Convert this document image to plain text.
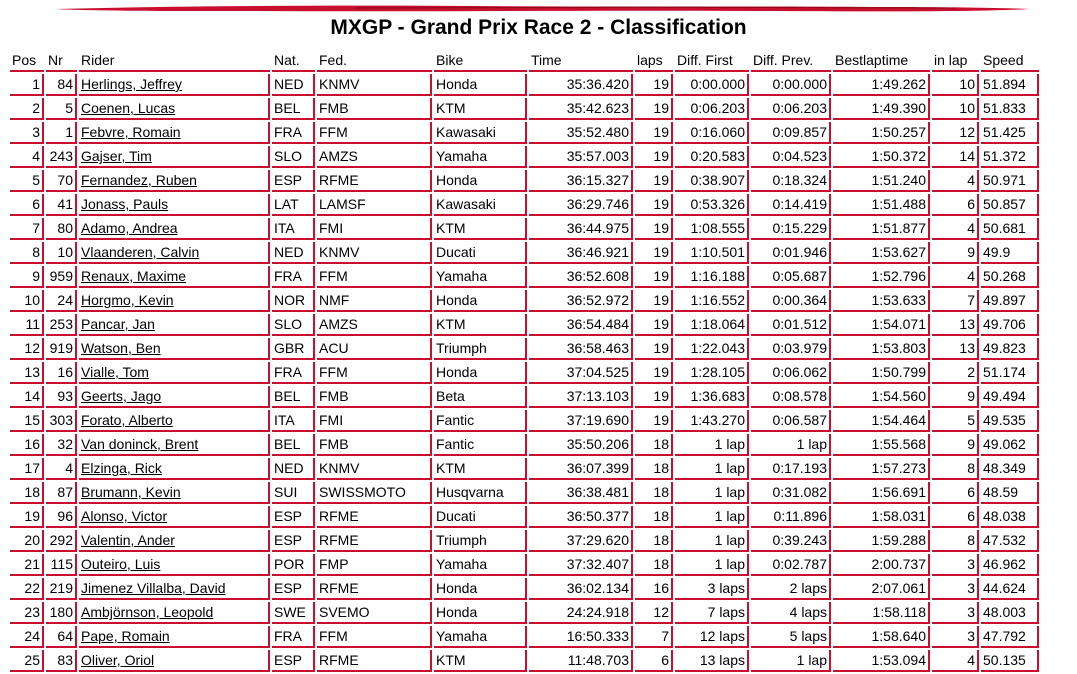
MXGP - Grand Prix Race 2 - Classification
Pos	Nr	Rider	Nat.	Fed.	Bike	Time	laps	Diff. First	Diff. Prev.	Bestlaptime	in lap	Speed
1	84	Herlings, Jeffrey	NED	KNMV	Honda	35:36.420	19	0:00.000	0:00.000	1:49.262	10	51.894
2	5	Coenen, Lucas	BEL	FMB	KTM	35:42.623	19	0:06.203	0:06.203	1:49.390	10	51.833
3	1	Febvre, Romain	FRA	FFM	Kawasaki	35:52.480	19	0:16.060	0:09.857	1:50.257	12	51.425
4	243	Gajser, Tim	SLO	AMZS	Yamaha	35:57.003	19	0:20.583	0:04.523	1:50.372	14	51.372
5	70	Fernandez, Ruben	ESP	RFME	Honda	36:15.327	19	0:38.907	0:18.324	1:51.240	4	50.971
6	41	Jonass, Pauls	LAT	LAMSF	Kawasaki	36:29.746	19	0:53.326	0:14.419	1:51.488	6	50.857
7	80	Adamo, Andrea	ITA	FMI	KTM	36:44.975	19	1:08.555	0:15.229	1:51.877	4	50.681
8	10	Vlaanderen, Calvin	NED	KNMV	Ducati	36:46.921	19	1:10.501	0:01.946	1:53.627	9	49.9
9	959	Renaux, Maxime	FRA	FFM	Yamaha	36:52.608	19	1:16.188	0:05.687	1:52.796	4	50.268
10	24	Horgmo, Kevin	NOR	NMF	Honda	36:52.972	19	1:16.552	0:00.364	1:53.633	7	49.897
11	253	Pancar, Jan	SLO	AMZS	KTM	36:54.484	19	1:18.064	0:01.512	1:54.071	13	49.706
12	919	Watson, Ben	GBR	ACU	Triumph	36:58.463	19	1:22.043	0:03.979	1:53.803	13	49.823
13	16	Vialle, Tom	FRA	FFM	Honda	37:04.525	19	1:28.105	0:06.062	1:50.799	2	51.174
14	93	Geerts, Jago	BEL	FMB	Beta	37:13.103	19	1:36.683	0:08.578	1:54.560	9	49.494
15	303	Forato, Alberto	ITA	FMI	Fantic	37:19.690	19	1:43.270	0:06.587	1:54.464	5	49.535
16	32	Van doninck, Brent	BEL	FMB	Fantic	35:50.206	18	1 lap	1 lap	1:55.568	9	49.062
17	4	Elzinga, Rick	NED	KNMV	KTM	36:07.399	18	1 lap	0:17.193	1:57.273	8	48.349
18	87	Brumann, Kevin	SUI	SWISSMOTO	Husqvarna	36:38.481	18	1 lap	0:31.082	1:56.691	6	48.59
19	96	Alonso, Victor	ESP	RFME	Ducati	36:50.377	18	1 lap	0:11.896	1:58.031	6	48.038
20	292	Valentin, Ander	ESP	RFME	Triumph	37:29.620	18	1 lap	0:39.243	1:59.288	8	47.532
21	115	Outeiro, Luis	POR	FMP	Yamaha	37:32.407	18	1 lap	0:02.787	2:00.737	3	46.962
22	219	Jimenez Villalba, David	ESP	RFME	Honda	36:02.134	16	3 laps	2 laps	2:07.061	3	44.624
23	180	Ambjörnson, Leopold	SWE	SVEMO	Honda	24:24.918	12	7 laps	4 laps	1:58.118	3	48.003
24	64	Pape, Romain	FRA	FFM	Yamaha	16:50.333	7	12 laps	5 laps	1:58.640	3	47.792
25	83	Oliver, Oriol	ESP	RFME	KTM	11:48.703	6	13 laps	1 lap	1:53.094	4	50.135
